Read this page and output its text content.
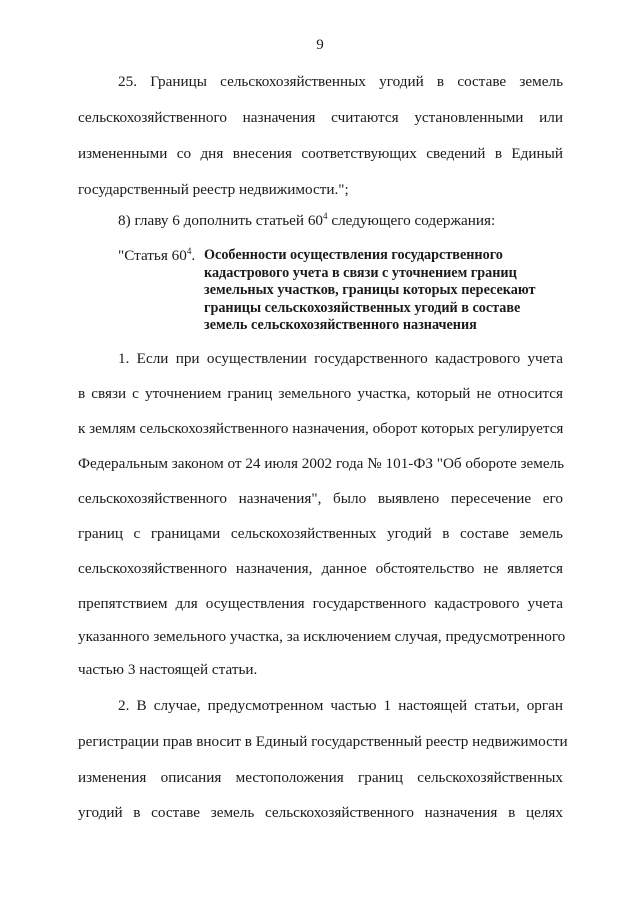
9
25. Границы сельскохозяйственных угодий в составе земель
сельскохозяйственного назначения считаются установленными или
измененными со дня внесения соответствующих сведений в Единый
государственный реестр недвижимости.";
8) главу 6 дополнить статьей $60^4$ следующего содержания:
"Статья $60^4$. Особенности осуществления государственного
кадастрового учета в связи с уточнением границ
земельных участков, границы которых пересекают
границы сельскохозяйственных угодий в составе
земель сельскохозяйственного назначения
1. Если при осуществлении государственного кадастрового учета
в связи с уточнением границ земельного участка, который не относится
к землям сельскохозяйственного назначения, оборот которых регулируется
Федеральным законом от 24 июля 2002 года № 101-ФЗ "Об обороте земель
сельскохозяйственного назначения", было выявлено пересечение его
границ с границами сельскохозяйственных угодий в составе земель
сельскохозяйственного назначения, данное обстоятельство не является
препятствием для осуществления государственного кадастрового учета
указанного земельного участка, за исключением случая, предусмотренного
частью 3 настоящей статьи.
2. В случае, предусмотренном частью 1 настоящей статьи, орган
регистрации прав вносит в Единый государственный реестр недвижимости
изменения описания местоположения границ сельскохозяйственных
угодий в составе земель сельскохозяйственного назначения в целях
